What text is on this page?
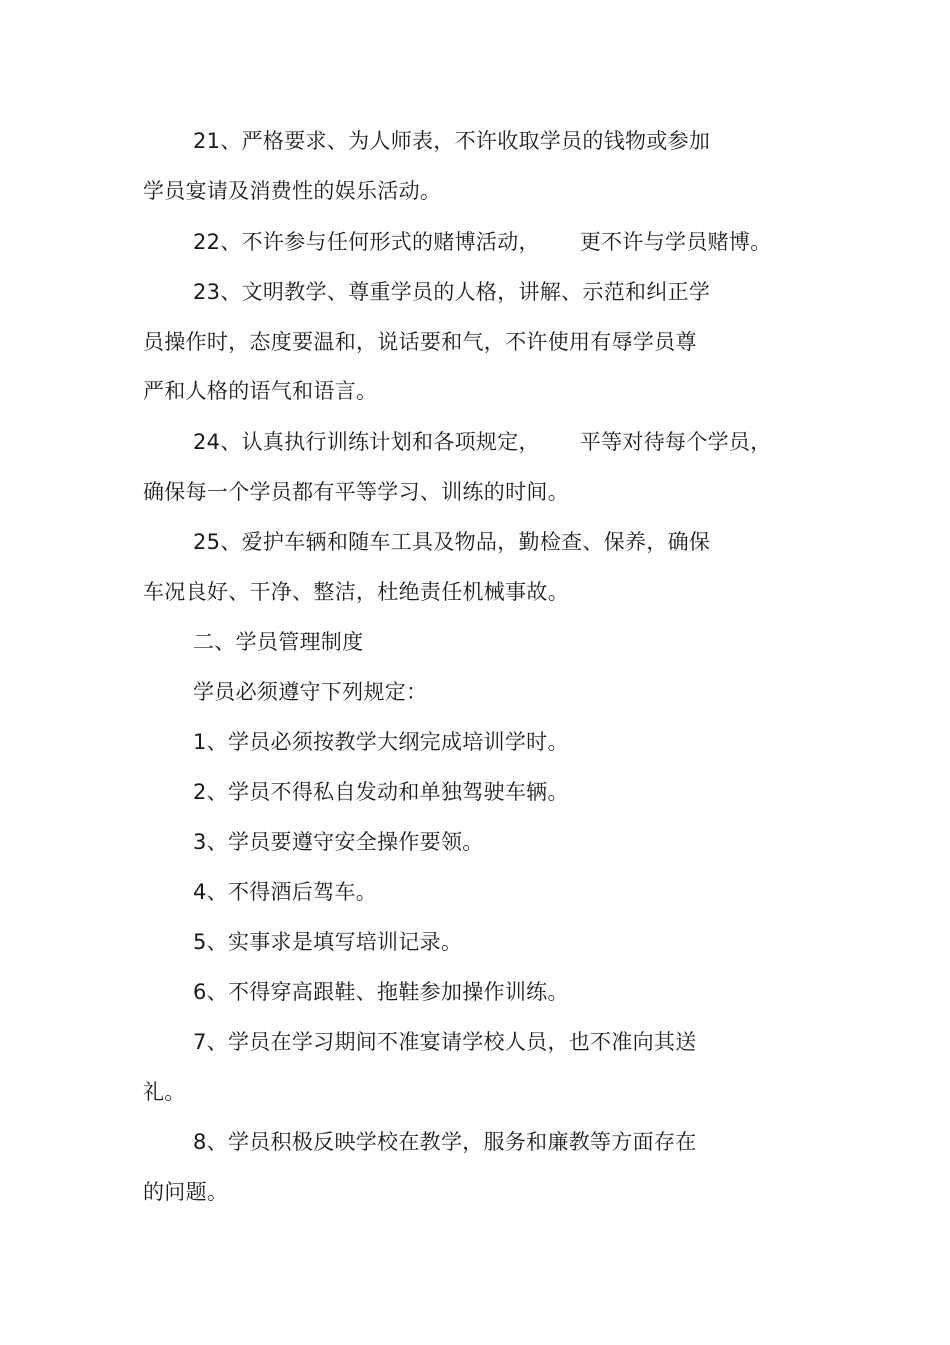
21、严格要求、为人师表，不许收取学员的钱物或参加
学员宴请及消费性的娱乐活动。
22、不许参与任何形式的赌博活动， 更不许与学员赌博。
23、文明教学、尊重学员的人格，讲解、示范和纠正学
员操作时，态度要温和，说话要和气，不许使用有辱学员尊
严和人格的语气和语言。
24、认真执行训练计划和各项规定， 平等对待每个学员，
确保每一个学员都有平等学习、训练的时间。
25、爱护车辆和随车工具及物品，勤检查、保养，确保
车况良好、干净、整洁，杜绝责任机械事故。
二、学员管理制度
学员必须遵守下列规定：
1、学员必须按教学大纲完成培训学时。
2、学员不得私自发动和单独驾驶车辆。
3、学员要遵守安全操作要领。
4、不得酒后驾车。
5、实事求是填写培训记录。
6、不得穿高跟鞋、拖鞋参加操作训练。
7、学员在学习期间不准宴请学校人员，也不准向其送
礼。
8、学员积极反映学校在教学，服务和廉教等方面存在
的问题。
